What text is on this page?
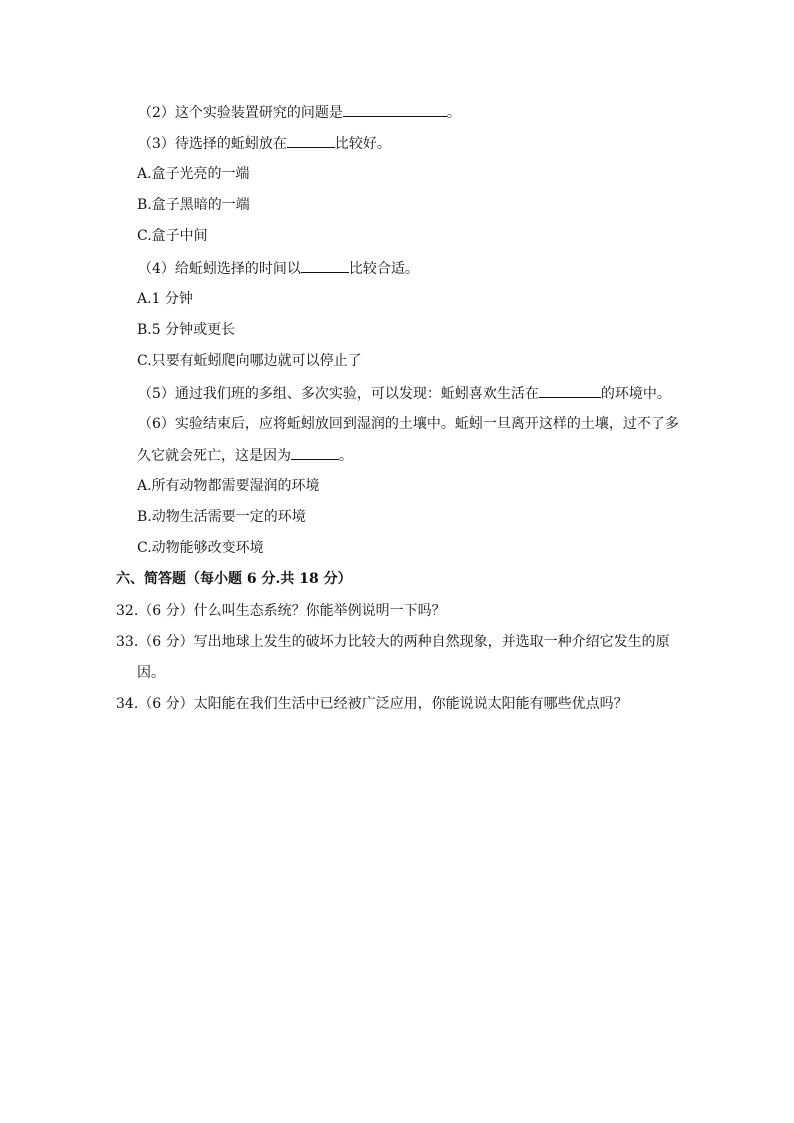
（2）这个实验装置研究的问题是	。
（3）待选择的蚯蚓放在	比较好。
A.盒子光亮的一端
B.盒子黑暗的一端
C.盒子中间
（4）给蚯蚓选择的时间以	比较合适。
A.1 分钟
B.5 分钟或更长
C.只要有蚯蚓爬向哪边就可以停止了
（5）通过我们班的多组、多次实验，可以发现：蚯蚓喜欢生活在	的环境中。
（6）实验结束后，应将蚯蚓放回到湿润的土壤中。蚯蚓一旦离开这样的土壤，过不了多
久它就会死亡，这是因为	。
A.所有动物都需要湿润的环境
B.动物生活需要一定的环境
C.动物能够改变环境
六、简答题（每小题 6 分.共 18 分）
32.（6 分）什么叫生态系统？你能举例说明一下吗？
33.（6 分）写出地球上发生的破坏力比较大的两种自然现象，并选取一种介绍它发生的原
因。
34.（6 分）太阳能在我们生活中已经被广泛应用，你能说说太阳能有哪些优点吗？
